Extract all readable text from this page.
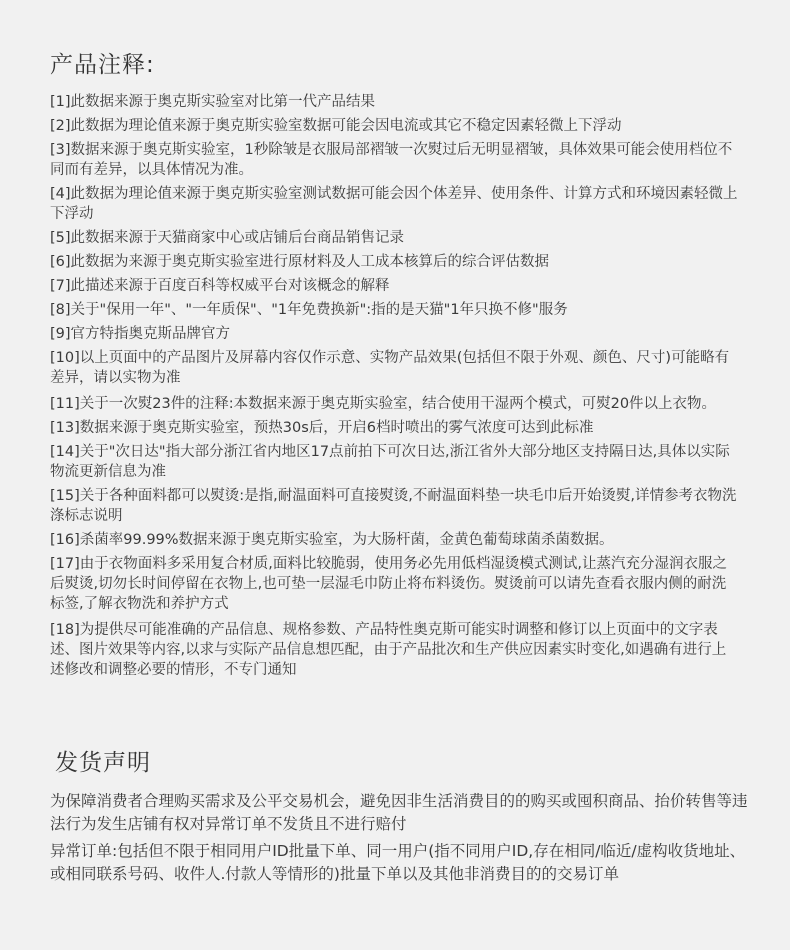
产品注释:
[1]此数据来源于奥克斯实验室对比第一代产品结果
[2]此数据为理论值来源于奥克斯实验室数据可能会因电流或其它不稳定因素轻微上下浮动
[3]数据来源于奥克斯实验室，1秒除皱是衣服局部褶皱一次熨过后无明显褶皱，具体效果可能会使用档位不同而有差异，以具体情况为准。
[4]此数据为理论值来源于奥克斯实验室测试数据可能会因个体差异、使用条件、计算方式和环境因素轻微上下浮动
[5]此数据来源于天猫商家中心或店铺后台商品销售记录
[6]此数据为来源于奥克斯实验室进行原材料及人工成本核算后的综合评估数据
[7]此描述来源于百度百科等权威平台对该概念的解释
[8]关于"保用一年"、"一年质保"、"1年免费换新":指的是天猫"1年只换不修"服务
[9]官方特指奥克斯品牌官方
[10]以上页面中的产品图片及屏幕内容仅作示意、实物产品效果(包括但不限于外观、颜色、尺寸)可能略有差异，请以实物为准
[11]关于一次熨23件的注释:本数据来源于奥克斯实验室，结合使用干湿两个模式，可熨20件以上衣物。
[13]数据来源于奥克斯实验室，预热30s后，开启6档时喷出的雾气浓度可达到此标准
[14]关于"次日达"指大部分浙江省内地区17点前拍下可次日达,浙江省外大部分地区支持隔日达,具体以实际物流更新信息为准
[15]关于各种面料都可以熨烫:是指,耐温面料可直接熨烫,不耐温面料垫一块毛巾后开始烫熨,详情参考衣物洗涤标志说明
[16]杀菌率99.99%数据来源于奥克斯实验室，为大肠杆菌，金黄色葡萄球菌杀菌数据。
[17]由于衣物面料多采用复合材质,面料比较脆弱，使用务必先用低档湿烫模式测试,让蒸汽充分湿润衣服之后熨烫,切勿长时间停留在衣物上,也可垫一层湿毛巾防止将布料烫伤。熨烫前可以请先查看衣服内侧的耐洗标签,了解衣物洗和养护方式
[18]为提供尽可能准确的产品信息、规格参数、产品特性奥克斯可能实时调整和修订以上页面中的文字表述、图片效果等内容,以求与实际产品信息想匹配，由于产品批次和生产供应因素实时变化,如遇确有进行上述修改和调整必要的情形，不专门通知
发货声明

为保障消费者合理购买需求及公平交易机会，避免因非生活消费目的的购买或囤积商品、抬价转售等违法行为发生店铺有权对异常订单不发货且不进行赔付

异常订单:包括但不限于相同用户ID批量下单、同一用户(指不同用户ID,存在相同/临近/虚构收货地址、或相同联系号码、收件人.付款人等情形的)批量下单以及其他非消费目的的交易订单
